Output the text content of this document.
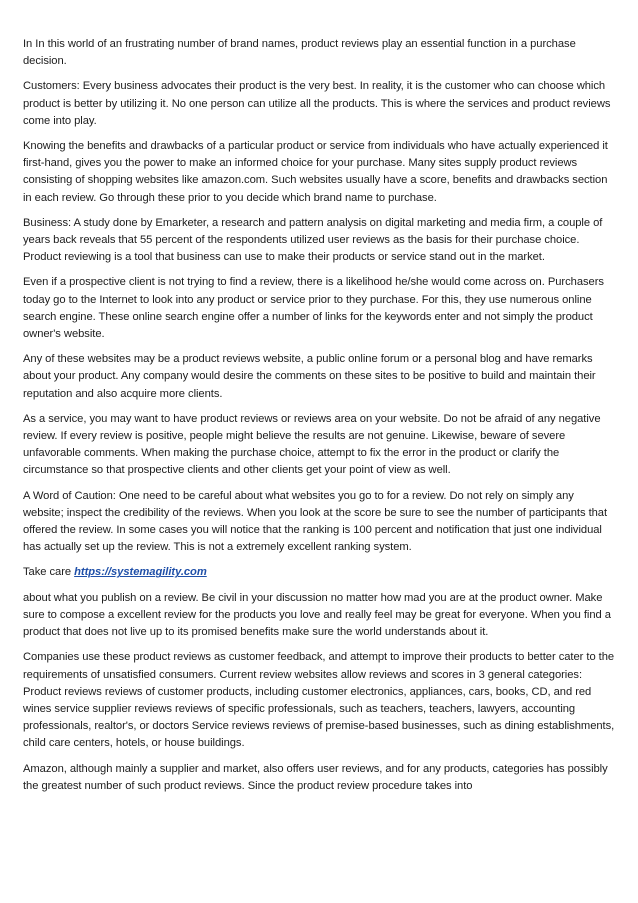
In In this world of an frustrating number of brand names, product reviews play an essential function in a purchase decision.

Customers: Every business advocates their product is the very best. In reality, it is the customer who can choose which product is better by utilizing it. No one person can utilize all the products. This is where the services and product reviews come into play.

Knowing the benefits and drawbacks of a particular product or service from individuals who have actually experienced it first-hand, gives you the power to make an informed choice for your purchase. Many sites supply product reviews consisting of shopping websites like amazon.com. Such websites usually have a score, benefits and drawbacks section in each review. Go through these prior to you decide which brand name to purchase.

Business: A study done by Emarketer, a research and pattern analysis on digital marketing and media firm, a couple of years back reveals that 55 percent of the respondents utilized user reviews as the basis for their purchase choice. Product reviewing is a tool that business can use to make their products or service stand out in the market.

Even if a prospective client is not trying to find a review, there is a likelihood he/she would come across on. Purchasers today go to the Internet to look into any product or service prior to they purchase. For this, they use numerous online search engine. These online search engine offer a number of links for the keywords enter and not simply the product owner's website.

Any of these websites may be a product reviews website, a public online forum or a personal blog and have remarks about your product. Any company would desire the comments on these sites to be positive to build and maintain their reputation and also acquire more clients.

As a service, you may want to have product reviews or reviews area on your website. Do not be afraid of any negative review. If every review is positive, people might believe the results are not genuine. Likewise, beware of severe unfavorable comments. When making the purchase choice, attempt to fix the error in the product or clarify the circumstance so that prospective clients and other clients get your point of view as well.

A Word of Caution: One need to be careful about what websites you go to for a review. Do not rely on simply any website; inspect the credibility of the reviews. When you look at the score be sure to see the number of participants that offered the review. In some cases you will notice that the ranking is 100 percent and notification that just one individual has actually set up the review. This is not a extremely excellent ranking system.

Take care https://systemagility.com

about what you publish on a review. Be civil in your discussion no matter how mad you are at the product owner. Make sure to compose a excellent review for the products you love and really feel may be great for everyone. When you find a product that does not live up to its promised benefits make sure the world understands about it.

Companies use these product reviews as customer feedback, and attempt to improve their products to better cater to the requirements of unsatisfied consumers. Current review websites allow reviews and scores in 3 general categories: Product reviews reviews of customer products, including customer electronics, appliances, cars, books, CD, and red wines service supplier reviews reviews of specific professionals, such as teachers, teachers, lawyers, accounting professionals, realtor's, or doctors Service reviews reviews of premise-based businesses, such as dining establishments, child care centers, hotels, or house buildings.

Amazon, although mainly a supplier and market, also offers user reviews, and for any products, categories has possibly the greatest number of such product reviews. Since the product review procedure takes into
